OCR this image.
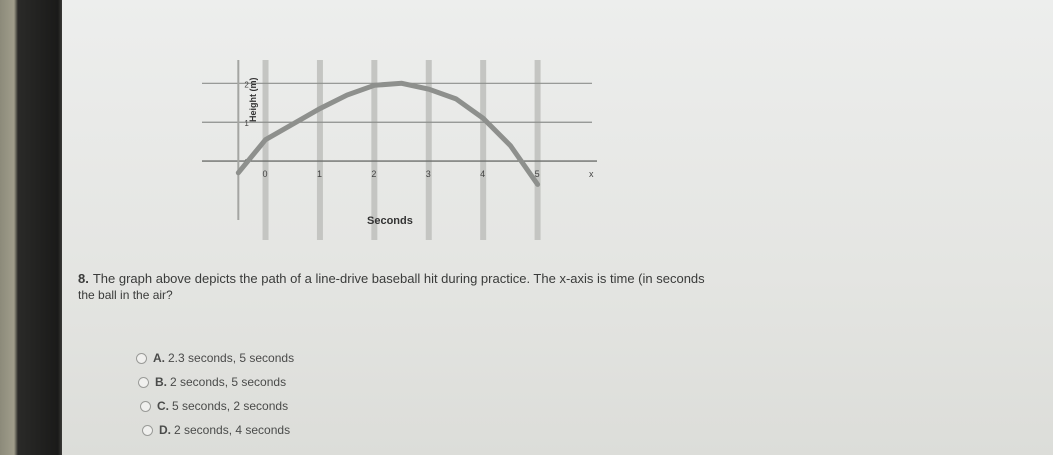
0	1	2	3	4	5	x
2
1
0
Seconds
Height (m)
8. The graph above depicts the path of a line-drive baseball hit during practice. The x-axis is time (in seconds
the ball in the air?
A. 2.3 seconds, 5 seconds
B. 2 seconds, 5 seconds
C. 5 seconds, 2 seconds
D. 2 seconds, 4 seconds
